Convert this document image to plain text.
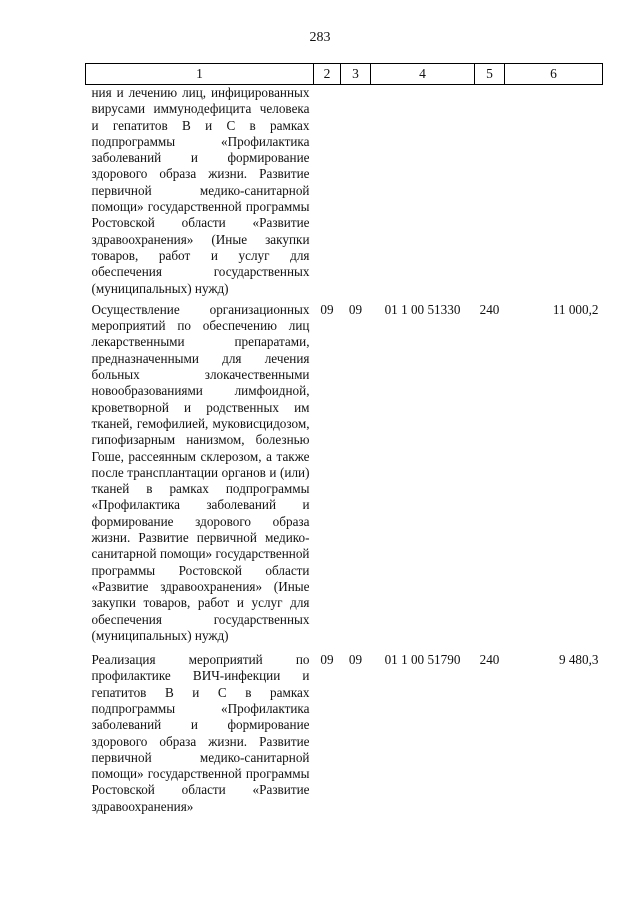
283
1	2	3	4	5	6
ния и лечению лиц, инфицированных вирусами иммунодефицита человека и гепатитов В и С в рамках подпрограммы «Профилактика заболеваний и формирование здорового образа жизни. Развитие первичной медико-санитарной помощи» государственной программы Ростовской области «Развитие здравоохранения» (Иные закупки товаров, работ и услуг для обеспечения государственных (муниципальных) нужд)					
Осуществление организационных мероприятий по обеспечению лиц лекарственными препаратами, предназначенными для лечения больных злокачественными новообразованиями лимфоидной, кроветворной и родственных им тканей, гемофилией, муковисцидозом, гипофизарным нанизмом, болезнью Гоше, рассеянным склерозом, а также после трансплантации органов и (или) тканей в рамках подпрограммы «Профилактика заболеваний и формирование здорового образа жизни. Развитие первичной медико-санитарной помощи» государственной программы Ростовской области «Развитие здравоохранения» (Иные закупки товаров, работ и услуг для обеспечения государственных (муниципальных) нужд)	09	09	01 1 00 51330	240	11 000,2
Реализация мероприятий по профилактике ВИЧ-инфекции и гепатитов В и С в рамках подпрограммы «Профилактика заболеваний и формирование здорового образа жизни. Развитие первичной медико-санитарной помощи» государственной программы Ростовской области «Развитие здравоохранения»	09	09	01 1 00 51790	240	9 480,3
